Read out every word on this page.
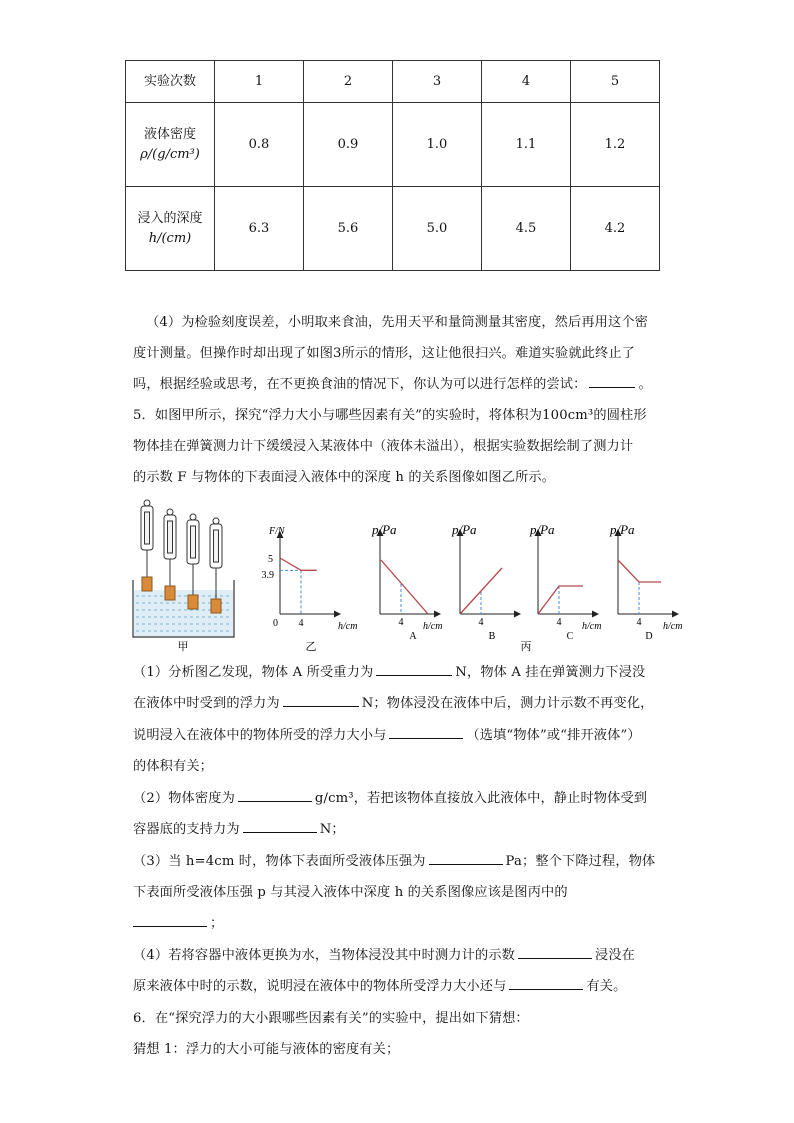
实验次数	1	2	3	4	5

液体密度
ρ/(g/cm³)	0.8	0.9	1.0	1.1	1.2

浸入的深度
h/(cm)	6.3	5.6	5.0	4.5	4.2
（4）为检验刻度误差，小明取来食油，先用天平和量筒测量其密度，然后再用这个密
度计测量。但操作时却出现了如图3所示的情形，这让他很扫兴。难道实验就此终止了
吗，根据经验或思考，在不更换食油的情况下，你认为可以进行怎样的尝试：	。
5．如图甲所示，探究“浮力大小与哪些因素有关”的实验时，将体积为100cm³的圆柱形
物体挂在弹簧测力计下缓缓浸入某液体中（液体未溢出），根据实验数据绘制了测力计
的示数 F 与物体的下表面浸入液体中的深度 h 的关系图像如图乙所示。
甲
F/N
h/cm
0
5
3.9
4
乙
p/Pa
h/cm
4
A
p/Pa
4
B
p/Pa
h/cm
4
C
p/Pa
h/cm
4
D
丙
（1）分析图乙发现，物体 A 所受重力为	N，物体 A 挂在弹簧测力下浸没
在液体中时受到的浮力为	N；物体浸没在液体中后，测力计示数不再变化，
说明浸入在液体中的物体所受的浮力大小与	（选填“物体”或“排开液体”）
的体积有关；
（2）物体密度为	g/cm³，若把该物体直接放入此液体中，静止时物体受到
容器底的支持力为	N；
（3）当 h=4cm 时，物体下表面所受液体压强为	Pa；整个下降过程，物体
下表面所受液体压强 p 与其浸入液体中深度 h 的关系图像应该是图丙中的
；
（4）若将容器中液体更换为水，当物体浸没其中时测力计的示数	浸没在
原来液体中时的示数，说明浸在液体中的物体所受浮力大小还与	有关。
6．在“探究浮力的大小跟哪些因素有关”的实验中，提出如下猜想：
猜想 1：浮力的大小可能与液体的密度有关；
